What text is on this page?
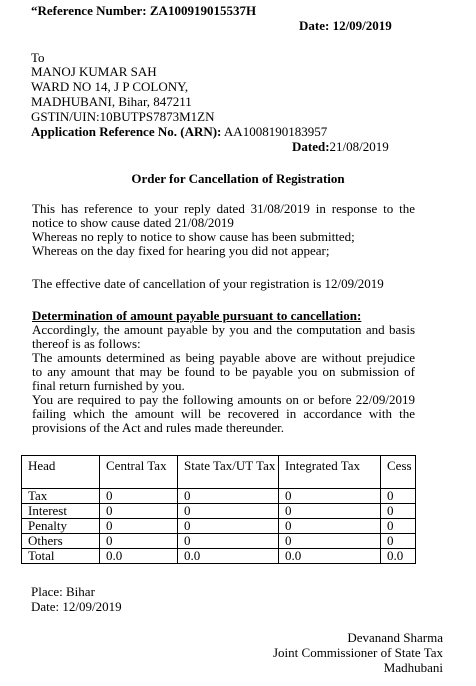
“Reference Number: ZA100919015537H
Date: 12/09/2019
To
MANOJ KUMAR SAH
WARD NO 14, J P COLONY,
MADHUBANI, Bihar, 847211
GSTIN/UIN:10BUTPS7873M1ZN
Application Reference No. (ARN): AA1008190183957
Dated:21/08/2019
Order for Cancellation of Registration
This has reference to your reply dated 31/08/2019 in response to the
notice to show cause dated 21/08/2019
Whereas no reply to notice to show cause has been submitted;
Whereas on the day fixed for hearing you did not appear;
The effective date of cancellation of your registration is 12/09/2019
Determination of amount payable pursuant to cancellation:
Accordingly, the amount payable by you and the computation and basis
thereof is as follows:
The amounts determined as being payable above are without prejudice
to any amount that may be found to be payable you on submission of
final return furnished by you.
You are required to pay the following amounts on or before 22/09/2019
failing which the amount will be recovered in accordance with the
provisions of the Act and rules made thereunder.
Head	Central Tax	State Tax/UT Tax	Integrated Tax	Cess
Tax	0	0	0	0
Interest	0	0	0	0
Penalty	0	0	0	0
Others	0	0	0	0
Total	0.0	0.0	0.0	0.0
Place: Bihar
Date: 12/09/2019
Devanand Sharma
Joint Commissioner of State Tax
Madhubani
